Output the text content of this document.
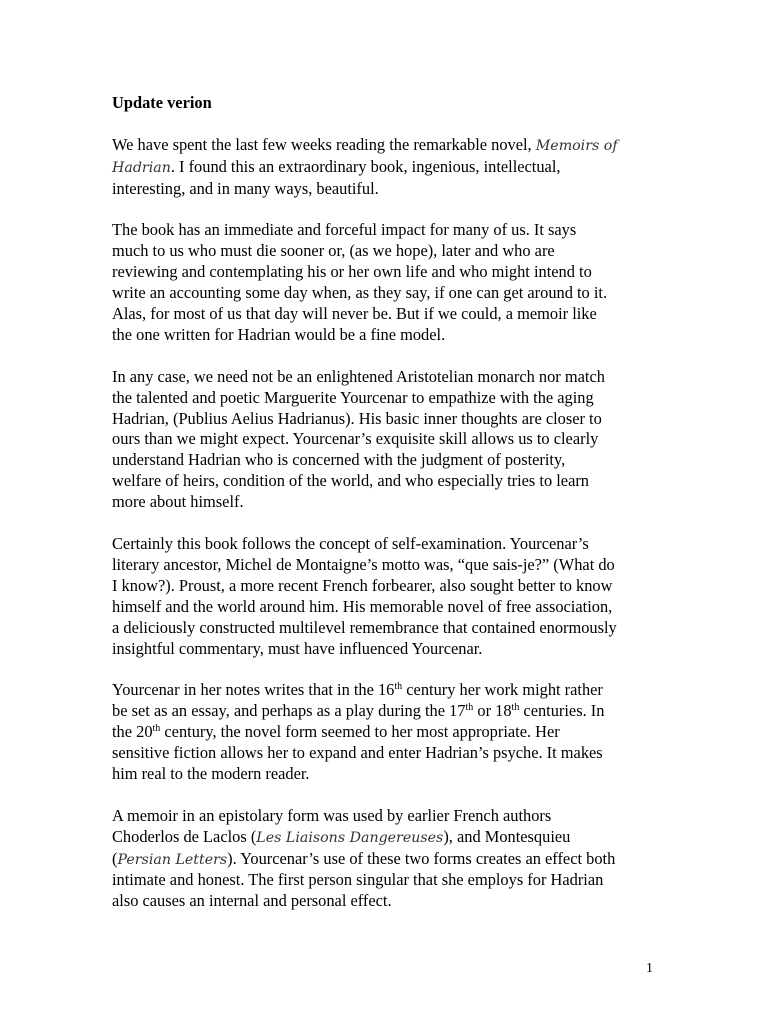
Update verion
We have spent the last few weeks reading the remarkable novel, Memoirs of
Hadrian. I found this an extraordinary book, ingenious, intellectual,
interesting, and in many ways, beautiful.
The book has an immediate and forceful impact for many of us. It says
much to us who must die sooner or, (as we hope), later and who are
reviewing and contemplating his or her own life and who might intend to
write an accounting some day when, as they say, if one can get around to it.
Alas, for most of us that day will never be. But if we could, a memoir like
the one written for Hadrian would be a fine model.
In any case, we need not be an enlightened Aristotelian monarch nor match
the talented and poetic Marguerite Yourcenar to empathize with the aging
Hadrian, (Publius Aelius Hadrianus). His basic inner thoughts are closer to
ours than we might expect. Yourcenar’s exquisite skill allows us to clearly
understand Hadrian who is concerned with the judgment of posterity,
welfare of heirs, condition of the world, and who especially tries to learn
more about himself.
Certainly this book follows the concept of self-examination. Yourcenar’s
literary ancestor, Michel de Montaigne’s motto was, “que sais-je?” (What do
I know?). Proust, a more recent French forbearer, also sought better to know
himself and the world around him. His memorable novel of free association,
a deliciously constructed multilevel remembrance that contained enormously
insightful commentary, must have influenced Yourcenar.
Yourcenar in her notes writes that in the 16th century her work might rather
be set as an essay, and perhaps as a play during the 17th or 18th centuries. In
the 20th century, the novel form seemed to her most appropriate. Her
sensitive fiction allows her to expand and enter Hadrian’s psyche. It makes
him real to the modern reader.
A memoir in an epistolary form was used by earlier French authors
Choderlos de Laclos (Les Liaisons Dangereuses), and Montesquieu
(Persian Letters). Yourcenar’s use of these two forms creates an effect both
intimate and honest. The first person singular that she employs for Hadrian
also causes an internal and personal effect.
1
